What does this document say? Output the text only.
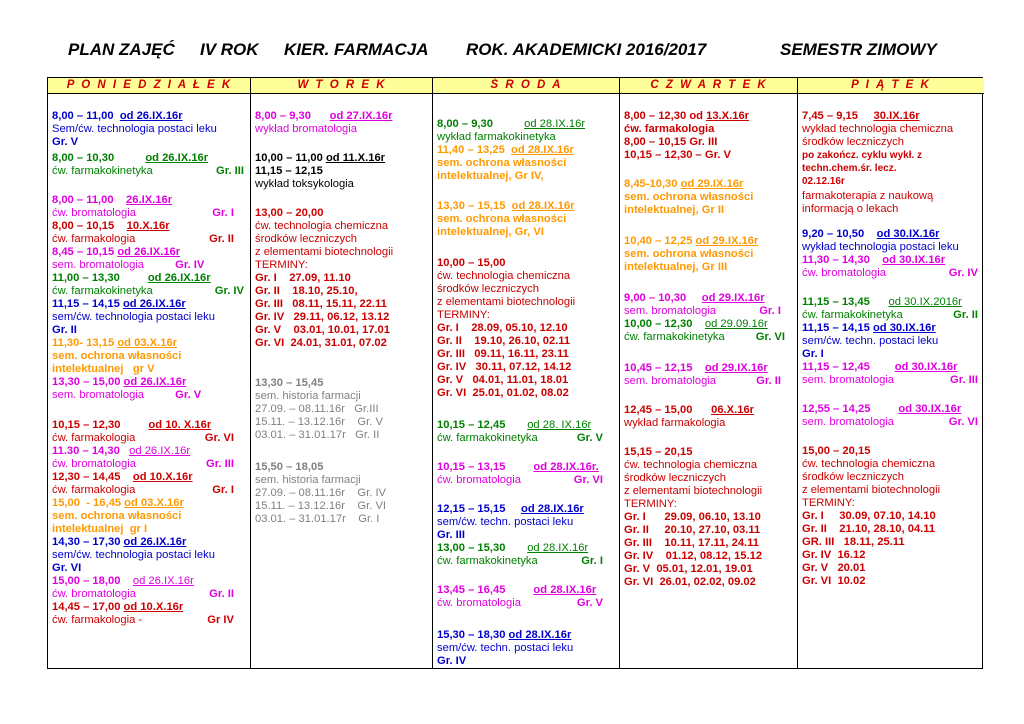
PLAN ZAJĘĆ IV ROK KIER. FARMACJA ROK. AKADEMICKI 2016/2017	SEMESTR ZIMOWY
P O N I E D Z I A Ł E K	W T O R E K	Ś R O D A	C Z W A R T E K	P I Ą T E K
8,00 – 11,00 od 26.IX.16r
Sem/ćw. technologia postaci leku
Gr. V
8,00 – 10,30	od 26.IX.16r
ćw. farmakokinetyka	Gr. III
8,00 – 11,00 26.IX.16r
ćw. bromatologia	Gr. I
8,00 – 10,15 10.X.16r
ćw. farmakologia	Gr. II
8,45 – 10,15 od 26.IX.16r
sem. bromatologia	Gr. IV
11,00 – 13,30 od 26.IX.16r
ćw. farmakokinetyka	Gr. IV
11,15 – 14,15 od 26.IX.16r
sem/ćw. technologia postaci leku
Gr. II
11,30- 13,15 od 03.X.16r
sem. ochrona własności
intelektualnej   gr V
13,30 – 15,00 od 26.IX.16r
sem. bromatologia	Gr. V
10,15 – 12,30 od 10. X.16r
ćw. farmakologia	Gr. VI
11.30 – 14,30 od 26.IX.16r
ćw. bromatologia	Gr. III
12,30 – 14,45 od 10.X.16r
ćw. farmakologia	Gr. I
15,00  - 16,45 od 03.X.16r
sem. ochrona własności
intelektualnej  gr I
14,30 – 17,30 od 26.IX.16r
sem/ćw. technologia postaci leku
Gr. VI
15,00 – 18,00 od 26.IX.16r
ćw. bromatologia	Gr. II
14,45 – 17,00 od 10.X.16r
ćw. farmakologia -	Gr IV
8,00 – 9,30 od 27.IX.16r
wykład bromatologia
10,00 – 11,00 od 11.X.16r
11,15 – 12,15
wykład toksykologia
13,00 – 20,00
ćw. technologia chemiczna
środków leczniczych
z elementami biotechnologii
TERMINY:
Gr. I    27.09, 11.10
Gr. II    18.10, 25.10,
Gr. III   08.11, 15.11, 22.11
Gr. IV   29.11, 06.12, 13.12
Gr. V    03.01, 10.01, 17.01
Gr. VI  24.01, 31.01, 07.02
13,30 – 15,45
sem. historia farmacji
27.09. – 08.11.16r   Gr.III
15.11. – 13.12.16r    Gr. V
03.01. – 31.01.17r   Gr. II
15,50 – 18,05
sem. historia farmacji
27.09. – 08.11.16r    Gr. IV
15.11. – 13.12.16r    Gr. VI
03.01. – 31.01.17r    Gr. I
8,00 – 9,30	od 28.IX.16r
wykład farmakokinetyka
11,40 – 13,25 od 28.IX.16r
sem. ochrona własności
intelektualnej, Gr IV,
13,30 – 15,15 od 28.IX.16r
sem. ochrona własności
intelektualnej, Gr, VI
10,00 – 15,00
ćw. technologia chemiczna
środków leczniczych
z elementami biotechnologii
TERMINY:
Gr. I    28.09, 05.10, 12.10
Gr. II    19.10, 26.10, 02.11
Gr. III   09.11, 16.11, 23.11
Gr. IV   30.11, 07.12, 14.12
Gr. V   04.01, 11.01, 18.01
Gr. VI  25.01, 01.02, 08.02
10,15 – 12,45 od 28. IX.16r
ćw. farmakokinetyka	Gr. V
10,15 – 13,15 od 28.IX.16r.
ćw. bromatologia	Gr. VI
12,15 – 15,15 od 28.IX.16r
sem/ćw. techn. postaci leku
Gr. III
13,00 – 15,30 od 28.IX.16r
ćw. farmakokinetyka	Gr. I
13,45 – 16,45 od 28.IX.16r
ćw. bromatologia	Gr. V
15,30 – 18,30 od 28.IX.16r
sem/ćw. techn. postaci leku
Gr. IV
8,00 – 12,30 od 13.X.16r
ćw. farmakologia
8,00 – 10,15 Gr. III
10,15 – 12,30 – Gr. V
8,45-10,30 od 29.IX.16r
sem. ochrona własności
intelektualnej, Gr II
10,40 – 12,25 od 29.IX.16r
sem. ochrona własności
intelektualnej, Gr III
9,00 – 10,30 od 29.IX.16r
sem. bromatologia	Gr. I
10,00 – 12,30 od 29.09.16r
ćw. farmakokinetyka	Gr. VI
10,45 – 12,15 od 29.IX.16r
sem. bromatologia	Gr. II
12,45 – 15,00 06.X.16r
wykład farmakologia
15,15 – 20,15
ćw. technologia chemiczna
środków leczniczych
z elementami biotechnologii
TERMINY:
Gr. I      29.09, 06.10, 13.10
Gr. II     20.10, 27.10, 03.11
Gr. III    10.11, 17.11, 24.11
Gr. IV    01.12, 08.12, 15.12
Gr. V  05.01, 12.01, 19.01
Gr. VI  26.01, 02.02, 09.02
7,45 – 9,15 30.IX.16r
wykład technologia chemiczna
środków leczniczych
po zakończ. cyklu wykł. z
techn.chem.śr. lecz.
02.12.16r
farmakoterapia z naukową
informacją o lekach
9,20 – 10,50 od 30.IX.16r
wykład technologia postaci leku
11,30 – 14,30 od 30.IX.16r
ćw. bromatologia	Gr. IV
11,15 – 13,45 od 30.IX.2016r
ćw. farmakokinetyka	Gr. II
11,15 – 14,15 od 30.IX.16r
sem/ćw. techn. postaci leku
Gr. I
11,15 – 12,45 od 30.IX.16r
sem. bromatologia	Gr. III
12,55 – 14,25 od 30.IX.16r
sem. bromatologia	Gr. VI
15,00 – 20,15
ćw. technologia chemiczna
środków leczniczych
z elementami biotechnologii
TERMINY:
Gr. I     30.09, 07.10, 14.10
Gr. II    21.10, 28.10, 04.11
GR. III   18.11, 25.11
Gr. IV  16.12
Gr. V   20.01
Gr. VI  10.02
